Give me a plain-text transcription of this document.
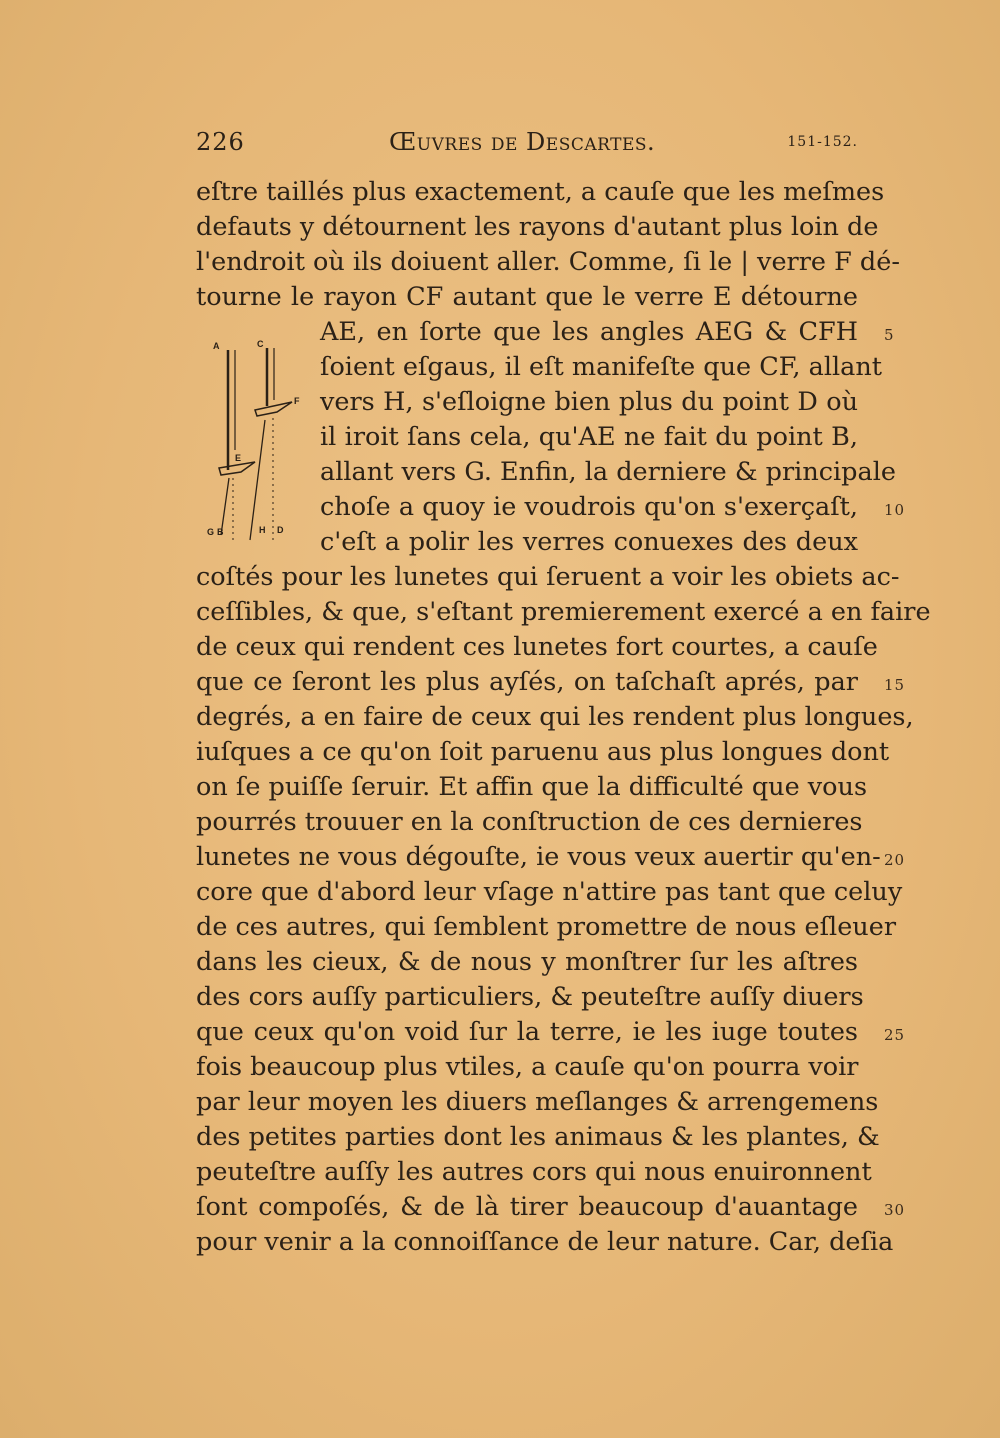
226	Œuvres de Descartes.	151-152.
A	C
F
E
G B	H D
eſtre taillés plus exactement, a cauſe que les meſmes
defauts y détournent les rayons d'autant plus loin de
l'endroit où ils doiuent aller. Comme, ſi le | verre F dé-
tourne le rayon CF autant que le verre E détourne
AE, en ſorte que les angles AEG & CFH
ſoient eſgaus, il eſt manifeſte que CF, allant
vers H, s'eſloigne bien plus du point D où
il iroit ſans cela, qu'AE ne fait du point B,
allant vers G. Enfin, la derniere & principale
choſe a quoy ie voudrois qu'on s'exerçaſt,
c'eſt a polir les verres conuexes des deux
coſtés pour les lunetes qui ſeruent a voir les obiets ac-
ceſſibles, & que, s'eſtant premierement exercé a en faire
de ceux qui rendent ces lunetes fort courtes, a cauſe
que ce ſeront les plus ayſés, on taſchaſt aprés, par
degrés, a en faire de ceux qui les rendent plus longues,
iuſques a ce qu'on ſoit paruenu aus plus longues dont
on ſe puiſſe ſeruir. Et affin que la difficulté que vous
pourrés trouuer en la conſtruction de ces dernieres
lunetes ne vous dégouſte, ie vous veux auertir qu'en-
core que d'abord leur vſage n'attire pas tant que celuy
de ces autres, qui ſemblent promettre de nous eſleuer
dans les cieux, & de nous y monſtrer ſur les aſtres
des cors auſſy particuliers, & peuteſtre auſſy diuers
que ceux qu'on void ſur la terre, ie les iuge toutes
fois beaucoup plus vtiles, a cauſe qu'on pourra voir
par leur moyen les diuers meſlanges & arrengemens
des petites parties dont les animaus & les plantes, &
peuteſtre auſſy les autres cors qui nous enuironnent
ſont compoſés, & de là tirer beaucoup d'auantage
pour venir a la connoiſſance de leur nature. Car, deſia
5
10
15
20
25
30
